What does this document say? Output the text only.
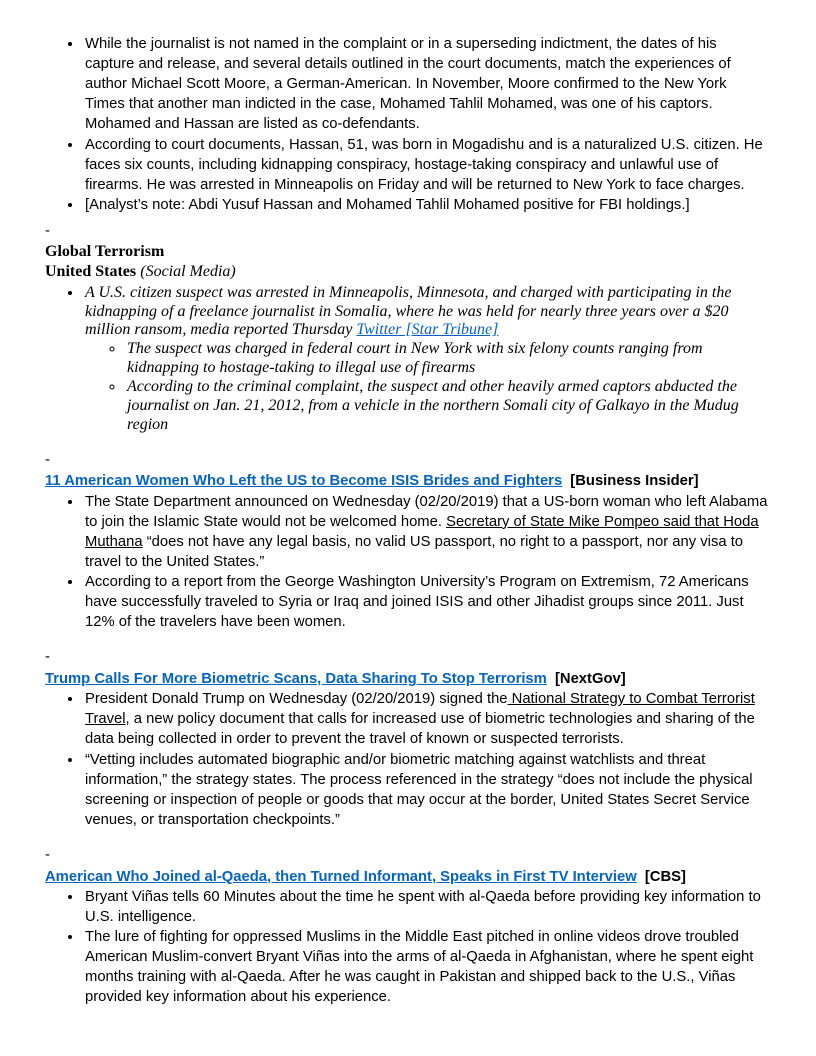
• While the journalist is not named in the complaint or in a superseding indictment, the dates of his capture and release, and several details outlined in the court documents, match the experiences of author Michael Scott Moore, a German-American. In November, Moore confirmed to the New York Times that another man indicted in the case, Mohamed Tahlil Mohamed, was one of his captors. Mohamed and Hassan are listed as co-defendants.
• According to court documents, Hassan, 51, was born in Mogadishu and is a naturalized U.S. citizen. He faces six counts, including kidnapping conspiracy, hostage-taking conspiracy and unlawful use of firearms. He was arrested in Minneapolis on Friday and will be returned to New York to face charges.
• [Analyst’s note: Abdi Yusuf Hassan and Mohamed Tahlil Mohamed positive for FBI holdings.]
-
Global Terrorism
United States (Social Media)
• A U.S. citizen suspect was arrested in Minneapolis, Minnesota, and charged with participating in the kidnapping of a freelance journalist in Somalia, where he was held for nearly three years over a $20 million ransom, media reported Thursday Twitter [Star Tribune]
◦ The suspect was charged in federal court in New York with six felony counts ranging from kidnapping to hostage-taking to illegal use of firearms
◦ According to the criminal complaint, the suspect and other heavily armed captors abducted the journalist on Jan. 21, 2012, from a vehicle in the northern Somali city of Galkayo in the Mudug region
-
11 American Women Who Left the US to Become ISIS Brides and Fighters [Business Insider]
• The State Department announced on Wednesday (02/20/2019) that a US-born woman who left Alabama to join the Islamic State would not be welcomed home. Secretary of State Mike Pompeo said that Hoda Muthana “does not have any legal basis, no valid US passport, no right to a passport, nor any visa to travel to the United States.”
• According to a report from the George Washington University’s Program on Extremism, 72 Americans have successfully traveled to Syria or Iraq and joined ISIS and other Jihadist groups since 2011. Just 12% of the travelers have been women.
-
Trump Calls For More Biometric Scans, Data Sharing To Stop Terrorism [NextGov]
• President Donald Trump on Wednesday (02/20/2019) signed the National Strategy to Combat Terrorist Travel, a new policy document that calls for increased use of biometric technologies and sharing of the data being collected in order to prevent the travel of known or suspected terrorists.
• “Vetting includes automated biographic and/or biometric matching against watchlists and threat information,” the strategy states. The process referenced in the strategy “does not include the physical screening or inspection of people or goods that may occur at the border, United States Secret Service venues, or transportation checkpoints.”
-
American Who Joined al-Qaeda, then Turned Informant, Speaks in First TV Interview [CBS]
• Bryant Viñas tells 60 Minutes about the time he spent with al-Qaeda before providing key information to U.S. intelligence.
• The lure of fighting for oppressed Muslims in the Middle East pitched in online videos drove troubled American Muslim-convert Bryant Viñas into the arms of al-Qaeda in Afghanistan, where he spent eight months training with al-Qaeda. After he was caught in Pakistan and shipped back to the U.S., Viñas provided key information about his experience.
